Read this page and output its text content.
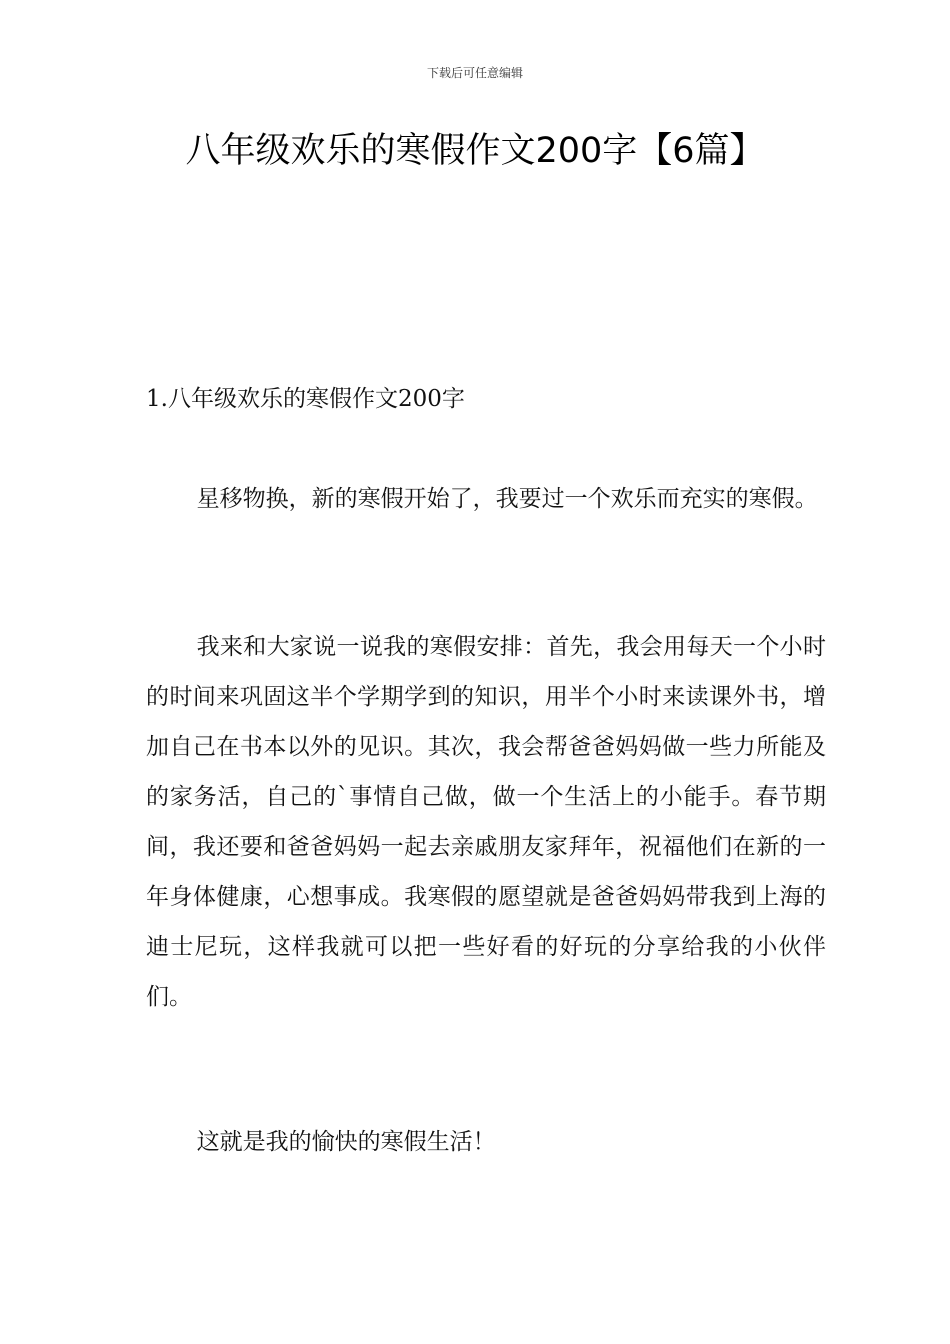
下载后可任意编辑
八年级欢乐的寒假作文200字【6篇】
1.八年级欢乐的寒假作文200字

星移物换，新的寒假开始了，我要过一个欢乐而充实的寒假。

我来和大家说一说我的寒假安排：首先，我会用每天一个小时的时间来巩固这半个学期学到的知识，用半个小时来读课外书，增加自己在书本以外的见识。其次，我会帮爸爸妈妈做一些力所能及的家务活，自己的`事情自己做，做一个生活上的小能手。春节期间，我还要和爸爸妈妈一起去亲戚朋友家拜年，祝福他们在新的一年身体健康，心想事成。我寒假的愿望就是爸爸妈妈带我到上海的迪士尼玩，这样我就可以把一些好看的好玩的分享给我的小伙伴们。

这就是我的愉快的寒假生活！
